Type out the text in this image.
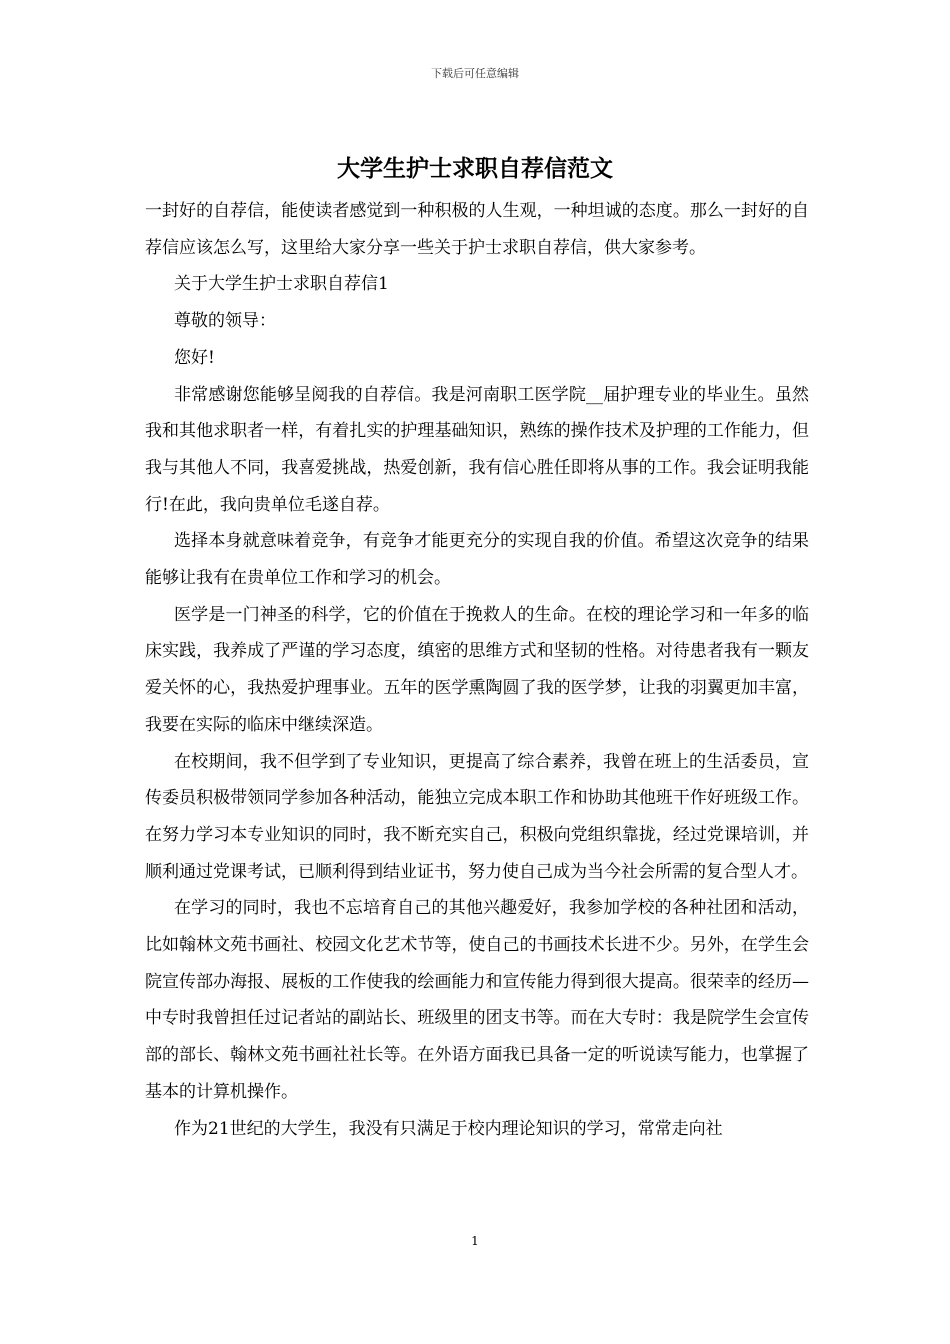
下载后可任意编辑
大学生护士求职自荐信范文

一封好的自荐信，能使读者感觉到一种积极的人生观，一种坦诚的态度。那么一封好的自荐信应该怎么写，这里给大家分享一些关于护士求职自荐信，供大家参考。

关于大学生护士求职自荐信1

尊敬的领导：

您好!

非常感谢您能够呈阅我的自荐信。我是河南职工医学院__届护理专业的毕业生。虽然我和其他求职者一样，有着扎实的护理基础知识，熟练的操作技术及护理的工作能力，但我与其他人不同，我喜爱挑战，热爱创新，我有信心胜任即将从事的工作。我会证明我能行!在此，我向贵单位毛遂自荐。

选择本身就意味着竞争，有竞争才能更充分的实现自我的价值。希望这次竞争的结果能够让我有在贵单位工作和学习的机会。

医学是一门神圣的科学，它的价值在于挽救人的生命。在校的理论学习和一年多的临床实践，我养成了严谨的学习态度，缜密的思维方式和坚韧的性格。对待患者我有一颗友爱关怀的心，我热爱护理事业。五年的医学熏陶圆了我的医学梦，让我的羽翼更加丰富，我要在实际的临床中继续深造。

在校期间，我不但学到了专业知识，更提高了综合素养，我曾在班上的生活委员，宣传委员积极带领同学参加各种活动，能独立完成本职工作和协助其他班干作好班级工作。在努力学习本专业知识的同时，我不断充实自己，积极向党组织靠拢，经过党课培训，并顺利通过党课考试，已顺利得到结业证书，努力使自己成为当今社会所需的复合型人才。

在学习的同时，我也不忘培育自己的其他兴趣爱好，我参加学校的各种社团和活动，比如翰林文苑书画社、校园文化艺术节等，使自己的书画技术长进不少。另外，在学生会院宣传部办海报、展板的工作使我的绘画能力和宣传能力得到很大提高。很荣幸的经历—中专时我曾担任过记者站的副站长、班级里的团支书等。而在大专时：我是院学生会宣传部的部长、翰林文苑书画社社长等。在外语方面我已具备一定的听说读写能力，也掌握了基本的计算机操作。

作为21世纪的大学生，我没有只满足于校内理论知识的学习，常常走向社

1
